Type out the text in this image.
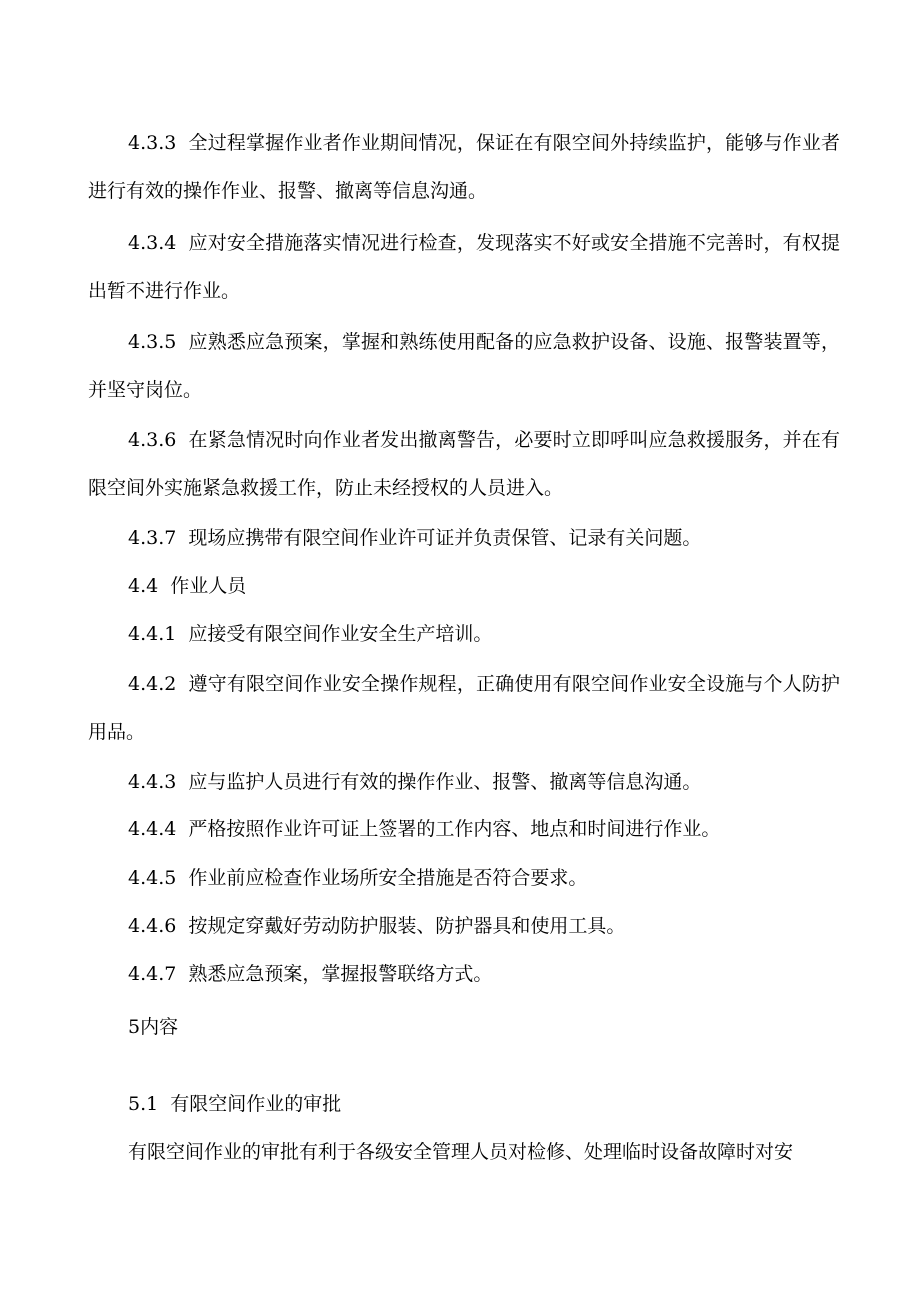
4.3.3 全过程掌握作业者作业期间情况，保证在有限空间外持续监护，能够与作业者进行有效的操作作业、报警、撤离等信息沟通。

4.3.4 应对安全措施落实情况进行检查，发现落实不好或安全措施不完善时，有权提出暂不进行作业。

4.3.5 应熟悉应急预案，掌握和熟练使用配备的应急救护设备、设施、报警装置等，并坚守岗位。

4.3.6 在紧急情况时向作业者发出撤离警告，必要时立即呼叫应急救援服务，并在有限空间外实施紧急救援工作，防止未经授权的人员进入。

4.3.7 现场应携带有限空间作业许可证并负责保管、记录有关问题。

4.4 作业人员

4.4.1 应接受有限空间作业安全生产培训。

4.4.2 遵守有限空间作业安全操作规程，正确使用有限空间作业安全设施与个人防护用品。

4.4.3 应与监护人员进行有效的操作作业、报警、撤离等信息沟通。

4.4.4 严格按照作业许可证上签署的工作内容、地点和时间进行作业。

4.4.5 作业前应检查作业场所安全措施是否符合要求。

4.4.6 按规定穿戴好劳动防护服装、防护器具和使用工具。

4.4.7 熟悉应急预案，掌握报警联络方式。

5内容

5.1 有限空间作业的审批

有限空间作业的审批有利于各级安全管理人员对检修、处理临时设备故障时对安
